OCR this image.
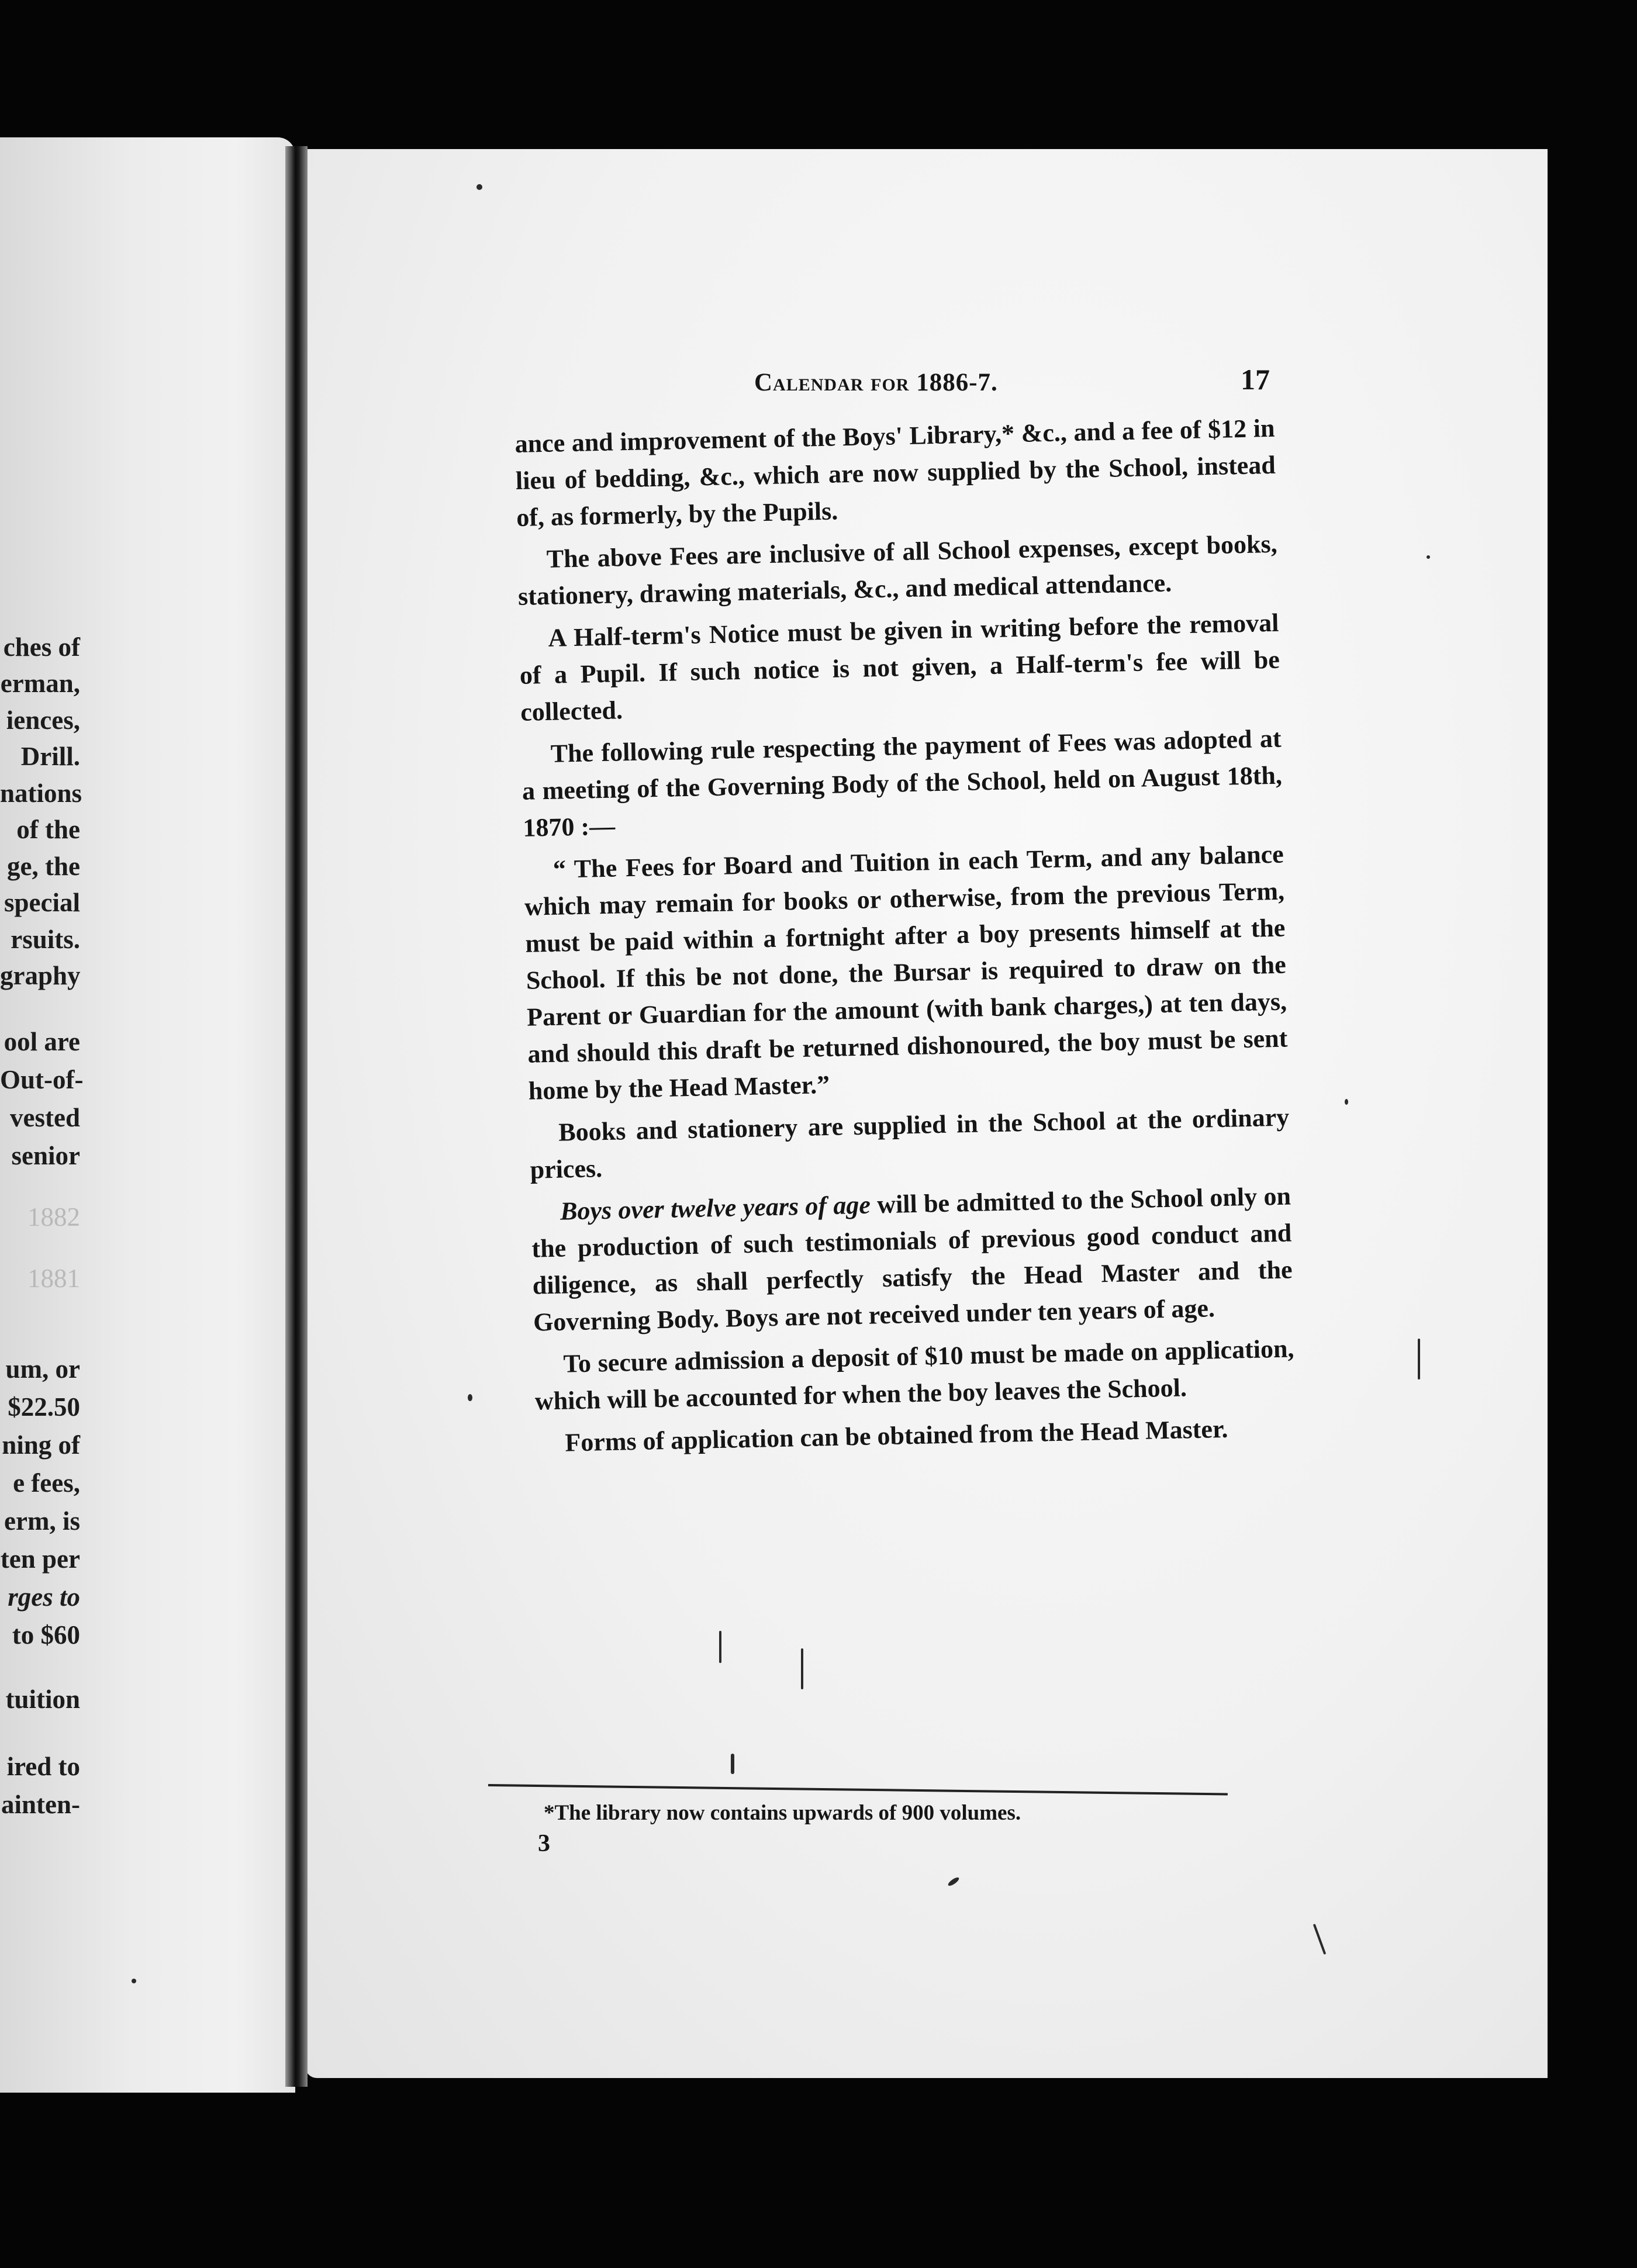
ches of
erman,
iences,
Drill.
nations
of the
ge, the
special
rsuits.
graphy
ool are
Out-of-
vested
senior
1882
1881
um, or
$22.50
ning of
e fees,
erm, is
ten per
rges to
to $60
tuition
ired to
ainten-
Calendar for 1886-7.	17

ance and improvement of the Boys' Library,* &c., and a fee of $12 in lieu of bedding, &c., which are now supplied by the School, instead of, as formerly, by the Pupils.

The above Fees are inclusive of all School expenses, except books, stationery, drawing materials, &c., and medical attendance.

A Half-term's Notice must be given in writing before the removal of a Pupil. If such notice is not given, a Half-term's fee will be collected.

The following rule respecting the payment of Fees was adopted at a meeting of the Governing Body of the School, held on August 18th, 1870 :—

“ The Fees for Board and Tuition in each Term, and any balance which may remain for books or otherwise, from the previous Term, must be paid within a fortnight after a boy presents himself at the School. If this be not done, the Bursar is required to draw on the Parent or Guardian for the amount (with bank charges,) at ten days, and should this draft be returned dishonoured, the boy must be sent home by the Head Master.”

Books and stationery are supplied in the School at the ordinary prices.

Boys over twelve years of age will be admitted to the School only on the production of such testimonials of previous good conduct and diligence, as shall perfectly satisfy the Head Master and the Governing Body. Boys are not received under ten years of age.

To secure admission a deposit of $10 must be made on application, which will be accounted for when the boy leaves the School.

Forms of application can be obtained from the Head Master.

*The library now contains upwards of 900 volumes.
3
